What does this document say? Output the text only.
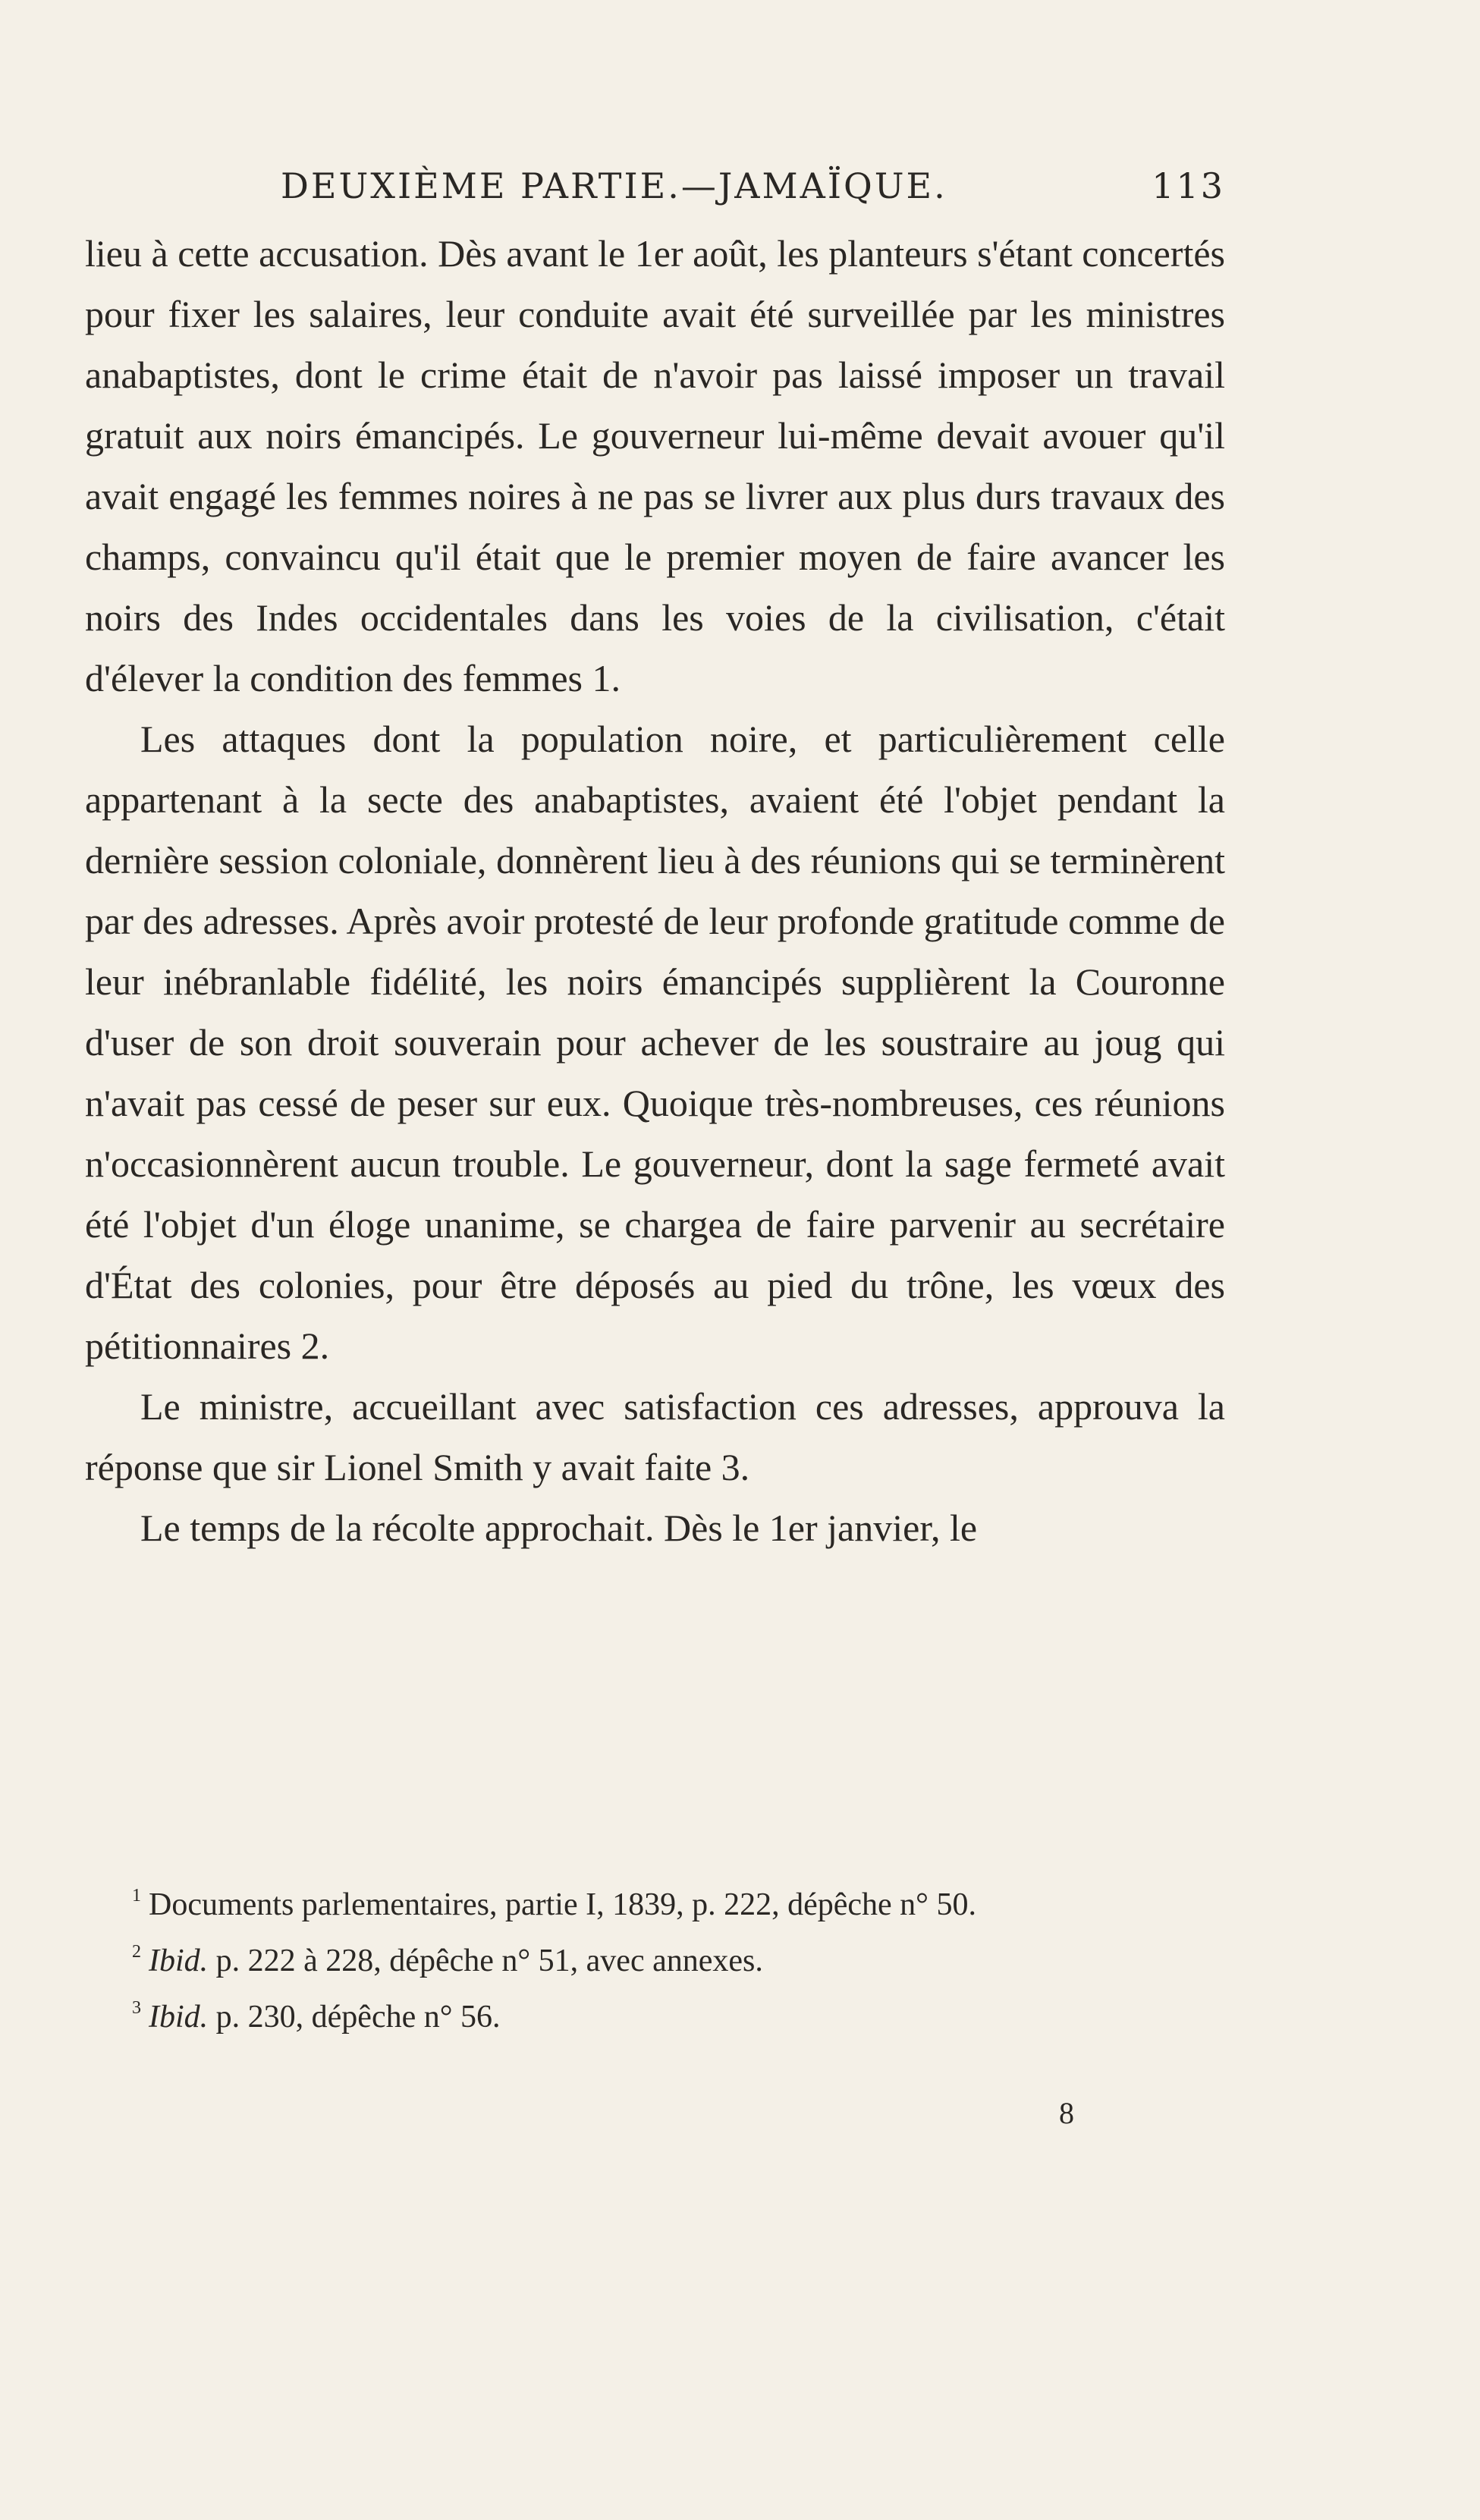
DEUXIÈME PARTIE.—JAMAÏQUE.	113

lieu à cette accusation. Dès avant le 1er août, les planteurs s'étant concertés pour fixer les salaires, leur conduite avait été surveillée par les ministres anabaptistes, dont le crime était de n'avoir pas laissé imposer un travail gratuit aux noirs émancipés. Le gouverneur lui-même devait avouer qu'il avait engagé les femmes noires à ne pas se livrer aux plus durs travaux des champs, convaincu qu'il était que le premier moyen de faire avancer les noirs des Indes occidentales dans les voies de la civilisation, c'était d'élever la condition des femmes 1.

Les attaques dont la population noire, et particulièrement celle appartenant à la secte des anabaptistes, avaient été l'objet pendant la dernière session coloniale, donnèrent lieu à des réunions qui se terminèrent par des adresses. Après avoir protesté de leur profonde gratitude comme de leur inébranlable fidélité, les noirs émancipés supplièrent la Couronne d'user de son droit souverain pour achever de les soustraire au joug qui n'avait pas cessé de peser sur eux. Quoique très-nombreuses, ces réunions n'occasionnèrent aucun trouble. Le gouverneur, dont la sage fermeté avait été l'objet d'un éloge unanime, se chargea de faire parvenir au secrétaire d'État des colonies, pour être déposés au pied du trône, les vœux des pétitionnaires 2.

Le ministre, accueillant avec satisfaction ces adresses, approuva la réponse que sir Lionel Smith y avait faite 3.

Le temps de la récolte approchait. Dès le 1er janvier, le

$^1$ Documents parlementaires, partie I, 1839, p. 222, dépêche n° 50.

$^2$ Ibid. p. 222 à 228, dépêche n° 51, avec annexes.

$^3$ Ibid. p. 230, dépêche n° 56.

8
